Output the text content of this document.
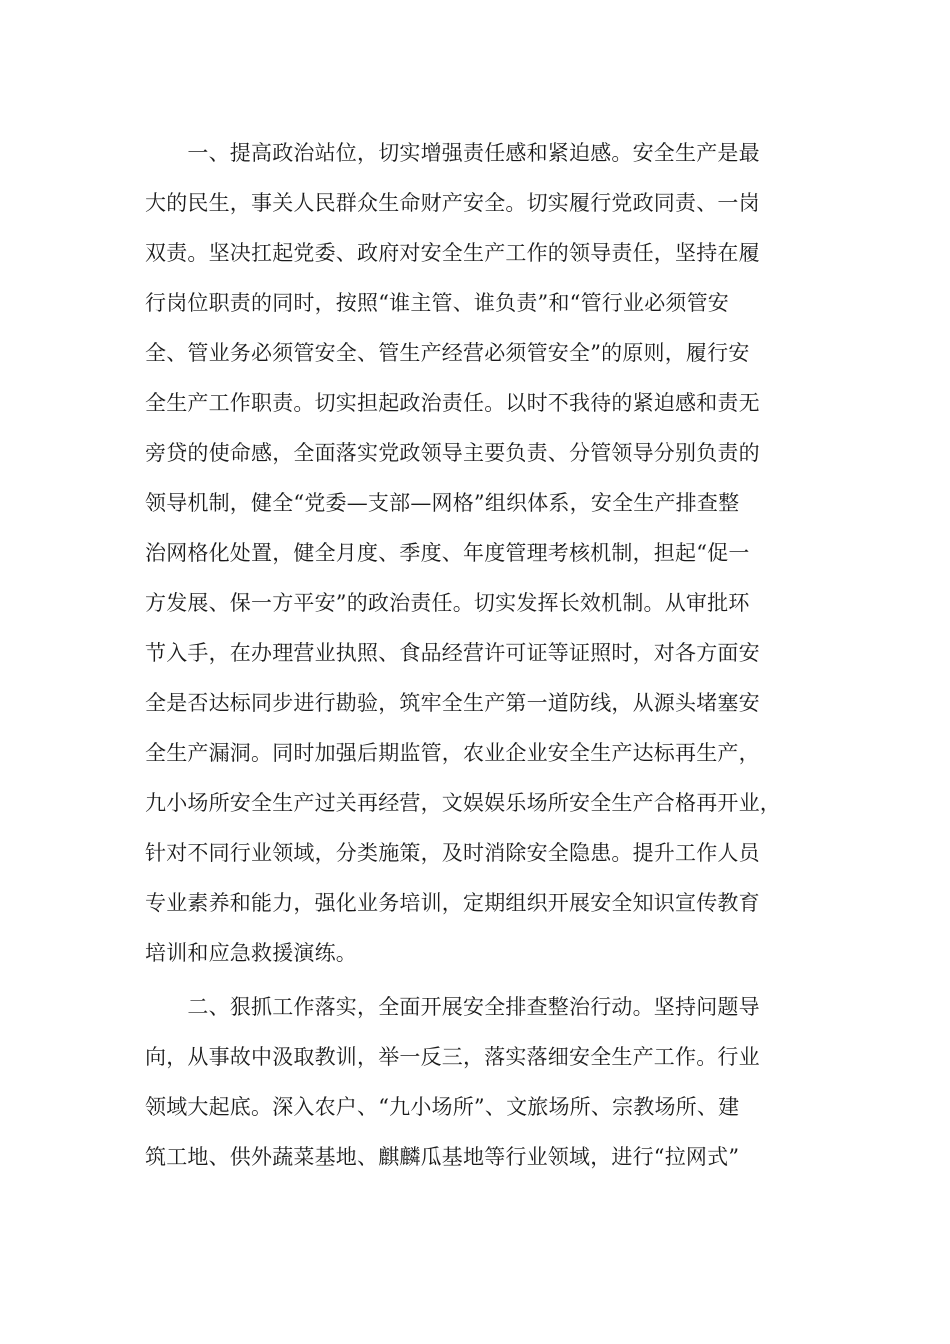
　　一、提高政治站位，切实增强责任感和紧迫感。安全生产是最
大的民生，事关人民群众生命财产安全。切实履行党政同责、一岗
双责。坚决扛起党委、政府对安全生产工作的领导责任，坚持在履
行岗位职责的同时，按照“谁主管、谁负责”和“管行业必须管安
全、管业务必须管安全、管生产经营必须管安全”的原则，履行安
全生产工作职责。切实担起政治责任。以时不我待的紧迫感和责无
旁贷的使命感，全面落实党政领导主要负责、分管领导分别负责的
领导机制，健全“党委—支部—网格”组织体系，安全生产排查整
治网格化处置，健全月度、季度、年度管理考核机制，担起“促一
方发展、保一方平安”的政治责任。切实发挥长效机制。从审批环
节入手，在办理营业执照、食品经营许可证等证照时，对各方面安
全是否达标同步进行勘验，筑牢全生产第一道防线，从源头堵塞安
全生产漏洞。同时加强后期监管，农业企业安全生产达标再生产，
九小场所安全生产过关再经营，文娱娱乐场所安全生产合格再开业，
针对不同行业领域，分类施策，及时消除安全隐患。提升工作人员
专业素养和能力，强化业务培训，定期组织开展安全知识宣传教育
培训和应急救援演练。
　　二、狠抓工作落实，全面开展安全排查整治行动。坚持问题导
向，从事故中汲取教训，举一反三，落实落细安全生产工作。行业
领域大起底。深入农户、“九小场所”、文旅场所、宗教场所、建
筑工地、供外蔬菜基地、麒麟瓜基地等行业领域，进行“拉网式”
